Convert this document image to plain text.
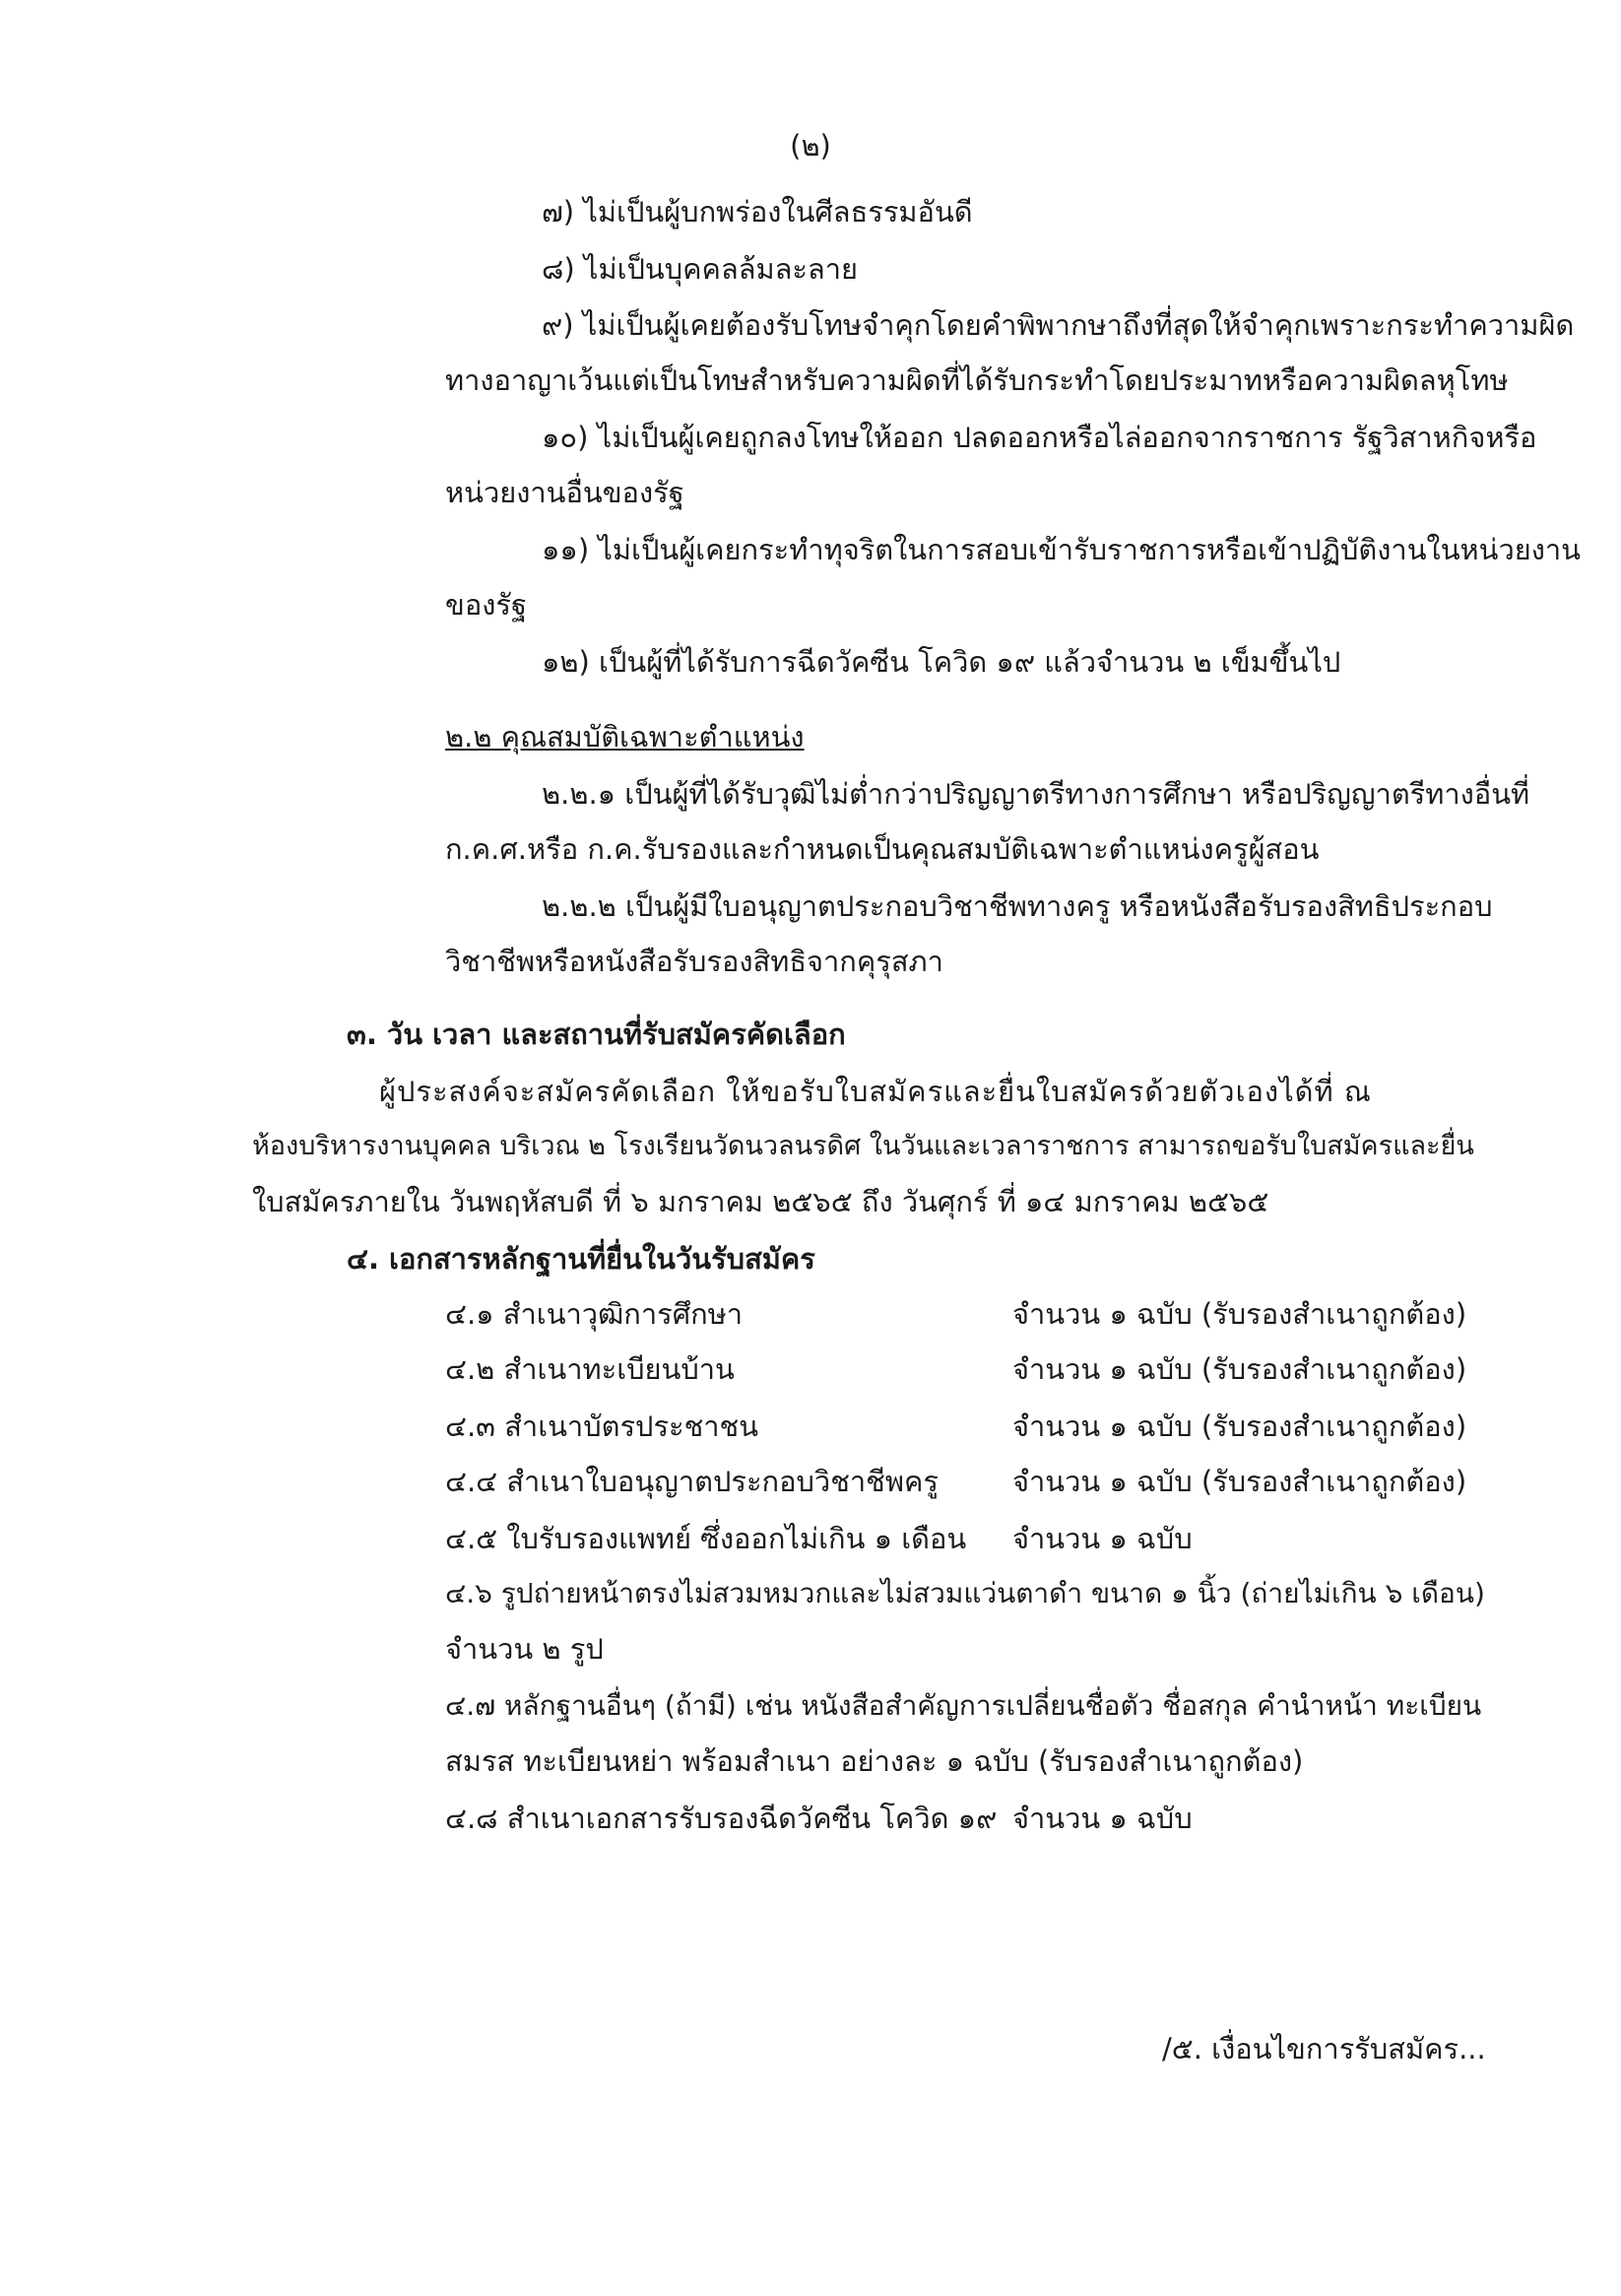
(๒)
๗) ไม่เป็นผู้บกพร่องในศีลธรรมอันดี
๘) ไม่เป็นบุคคลล้มละลาย
๙) ไม่เป็นผู้เคยต้องรับโทษจำคุกโดยคำพิพากษาถึงที่สุดให้จำคุกเพราะกระทำความผิด
ทางอาญาเว้นแต่เป็นโทษสำหรับความผิดที่ได้รับกระทำโดยประมาทหรือความผิดลหุโทษ
๑๐) ไม่เป็นผู้เคยถูกลงโทษให้ออก ปลดออกหรือไล่ออกจากราชการ รัฐวิสาหกิจหรือ
หน่วยงานอื่นของรัฐ
๑๑) ไม่เป็นผู้เคยกระทำทุจริตในการสอบเข้ารับราชการหรือเข้าปฏิบัติงานในหน่วยงาน
ของรัฐ
๑๒) เป็นผู้ที่ได้รับการฉีดวัคซีน โควิด ๑๙ แล้วจำนวน ๒ เข็มขึ้นไป
๒.๒ คุณสมบัติเฉพาะตำแหน่ง
๒.๒.๑ เป็นผู้ที่ได้รับวุฒิไม่ต่ำกว่าปริญญาตรีทางการศึกษา หรือปริญญาตรีทางอื่นที่
ก.ค.ศ.หรือ ก.ค.รับรองและกำหนดเป็นคุณสมบัติเฉพาะตำแหน่งครูผู้สอน
๒.๒.๒ เป็นผู้มีใบอนุญาตประกอบวิชาชีพทางครู หรือหนังสือรับรองสิทธิประกอบ
วิชาชีพหรือหนังสือรับรองสิทธิจากคุรุสภา
๓. วัน เวลา และสถานที่รับสมัครคัดเลือก
ผู้ประสงค์จะสมัครคัดเลือก ให้ขอรับใบสมัครและยื่นใบสมัครด้วยตัวเองได้ที่ ณ
ห้องบริหารงานบุคคล บริเวณ ๒ โรงเรียนวัดนวลนรดิศ ในวันและเวลาราชการ สามารถขอรับใบสมัครและยื่น
ใบสมัครภายใน วันพฤหัสบดี ที่ ๖ มกราคม ๒๕๖๕ ถึง วันศุกร์ ที่ ๑๔ มกราคม ๒๕๖๕
๔. เอกสารหลักฐานที่ยื่นในวันรับสมัคร
๔.๑ สำเนาวุฒิการศึกษา	จำนวน ๑ ฉบับ (รับรองสำเนาถูกต้อง)
๔.๒ สำเนาทะเบียนบ้าน	จำนวน ๑ ฉบับ (รับรองสำเนาถูกต้อง)
๔.๓ สำเนาบัตรประชาชน	จำนวน ๑ ฉบับ (รับรองสำเนาถูกต้อง)
๔.๔ สำเนาใบอนุญาตประกอบวิชาชีพครู	จำนวน ๑ ฉบับ (รับรองสำเนาถูกต้อง)
๔.๕ ใบรับรองแพทย์ ซึ่งออกไม่เกิน ๑ เดือน จำนวน ๑ ฉบับ
๔.๖ รูปถ่ายหน้าตรงไม่สวมหมวกและไม่สวมแว่นตาดำ ขนาด ๑ นิ้ว (ถ่ายไม่เกิน ๖ เดือน)
จำนวน ๒ รูป
๔.๗ หลักฐานอื่นๆ (ถ้ามี) เช่น หนังสือสำคัญการเปลี่ยนชื่อตัว ชื่อสกุล คำนำหน้า ทะเบียน
สมรส ทะเบียนหย่า พร้อมสำเนา อย่างละ ๑ ฉบับ (รับรองสำเนาถูกต้อง)
๔.๘ สำเนาเอกสารรับรองฉีดวัคซีน โควิด ๑๙ จำนวน ๑ ฉบับ
/๕. เงื่อนไขการรับสมัคร...
